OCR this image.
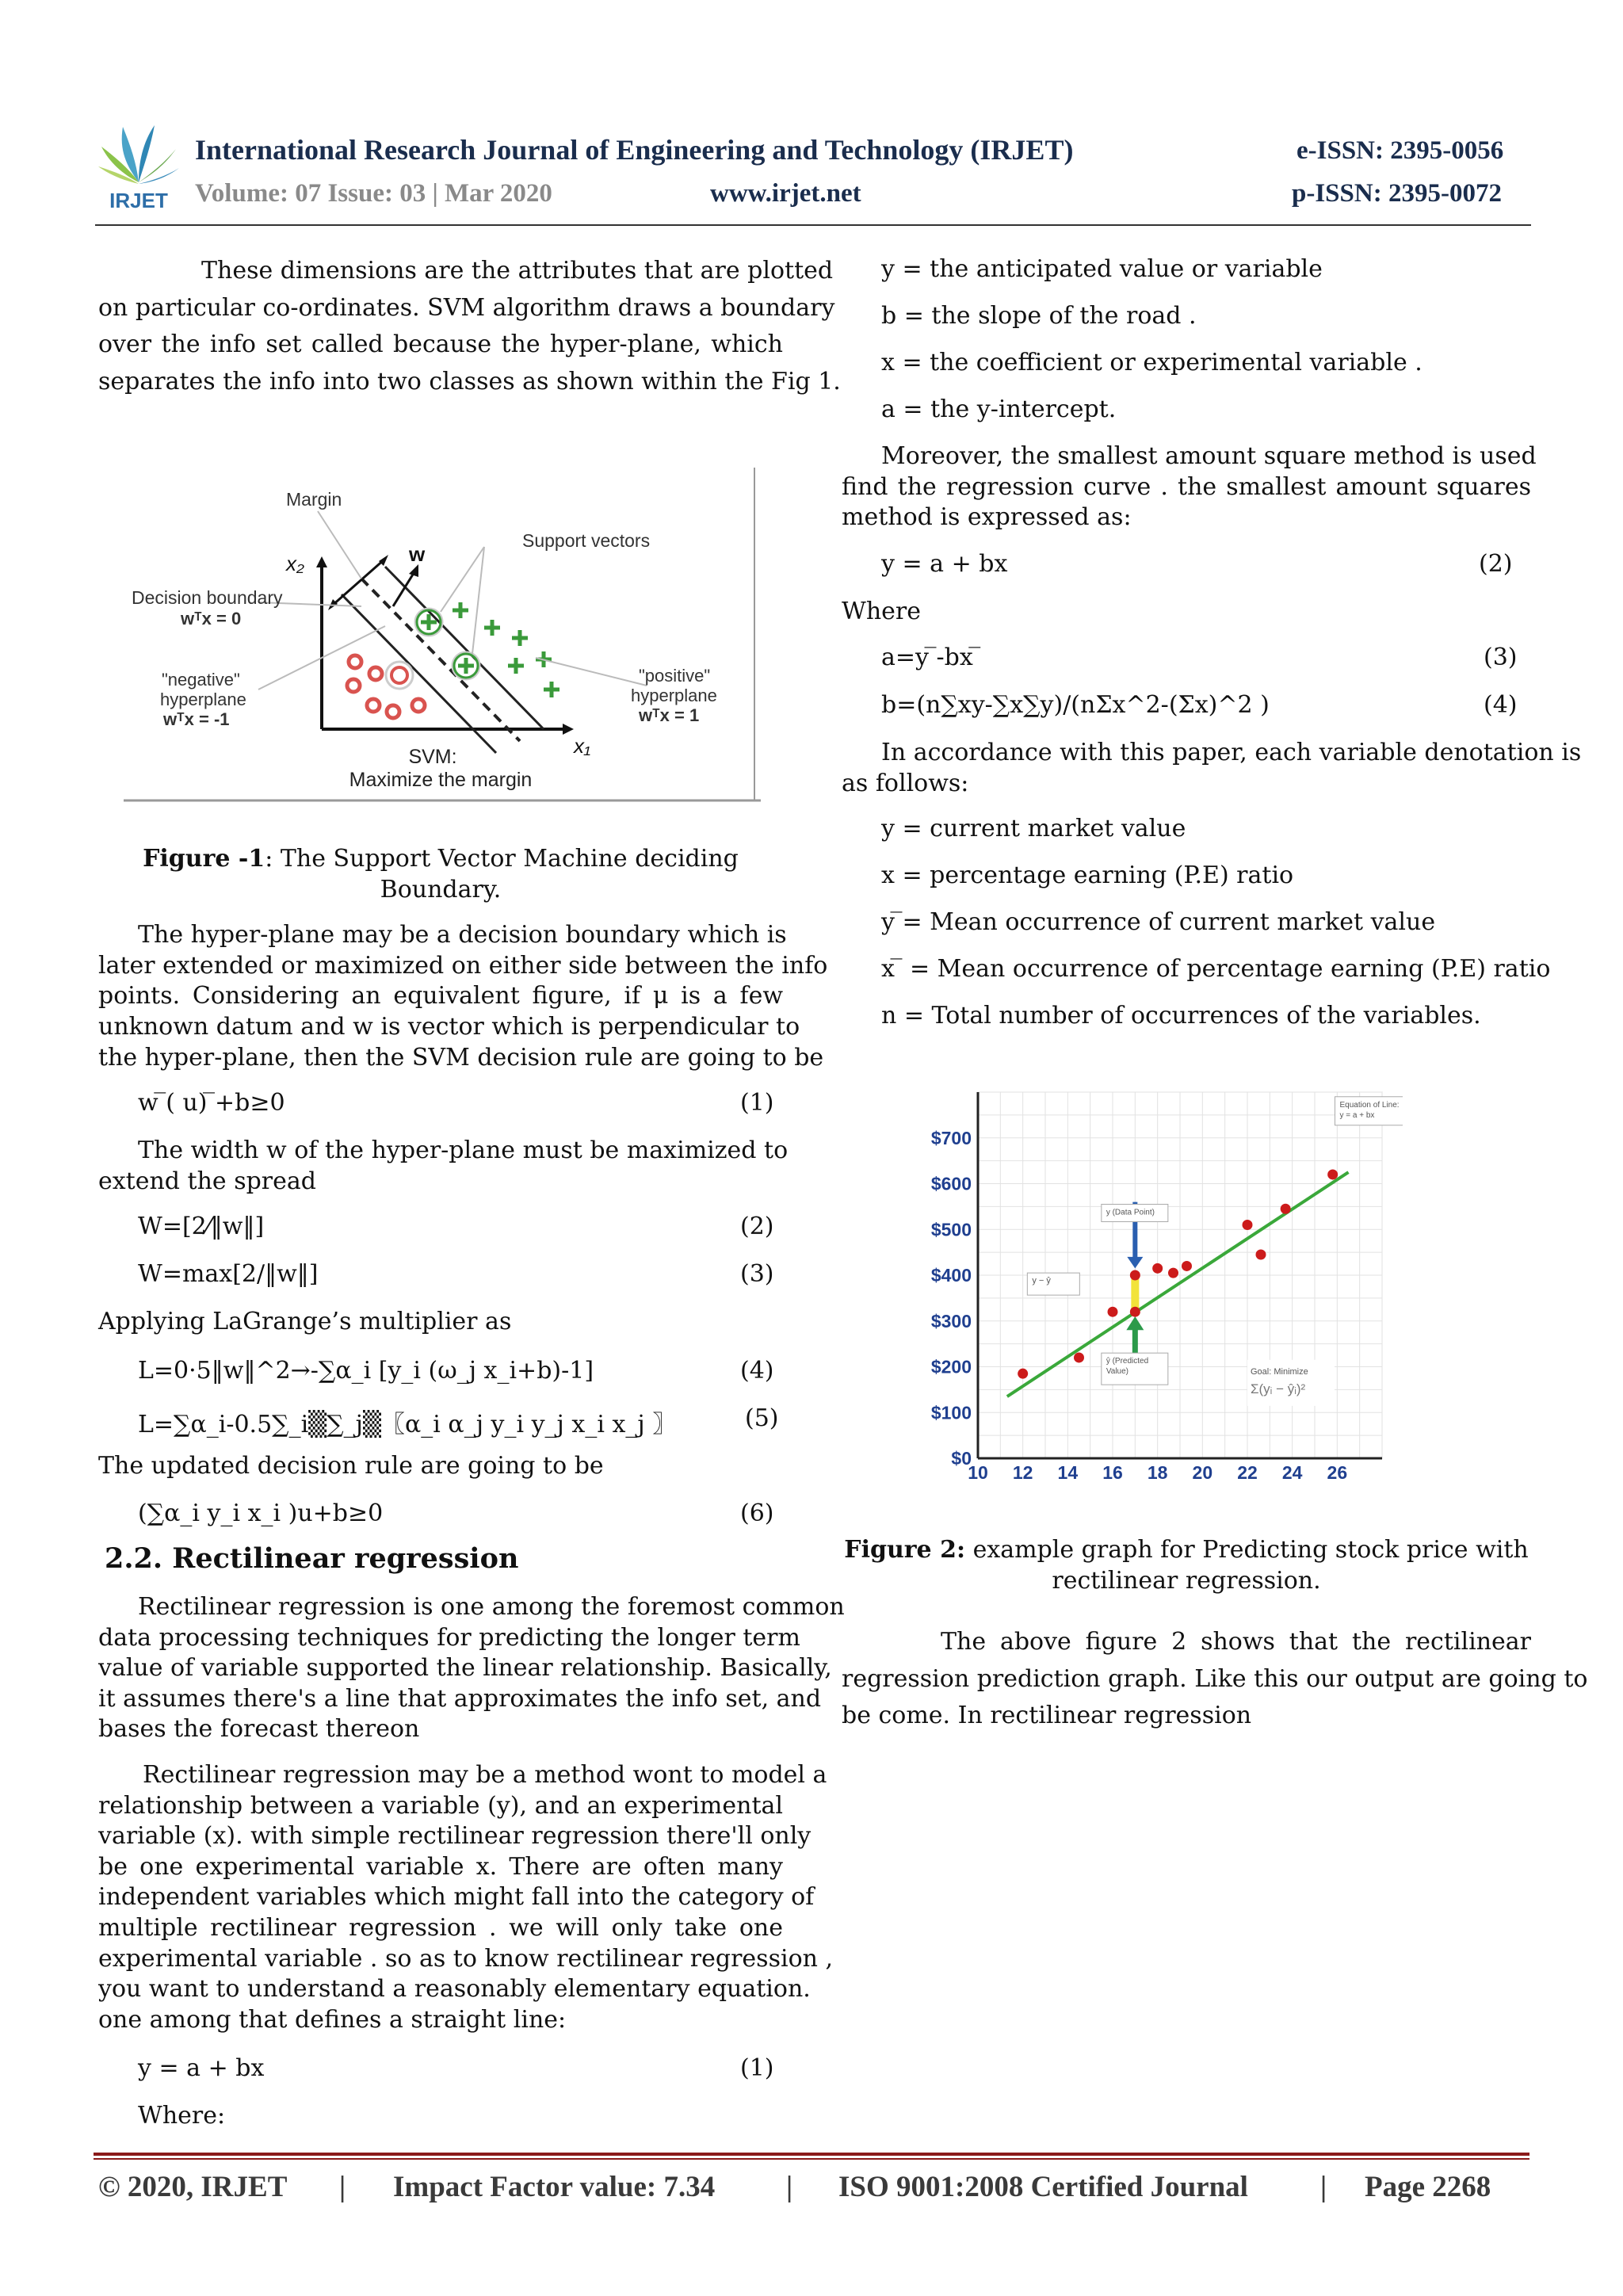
IRJET
International Research Journal of Engineering and Technology (IRJET)	e-ISSN: 2395-0056
Volume: 07 Issue: 03 | Mar 2020	www.irjet.net	p-ISSN: 2395-0072
These dimensions are the attributes that are plotted
on particular co-ordinates. SVM algorithm draws a boundary
over the info set called because the hyper-plane, which
separates the info into two classes as shown within the Fig 1.
Margin
Support vectors
Decision boundary
wᵀx = 0
"negative"
hyperplane
wᵀx = -1
"positive"
hyperplane
wᵀx = 1
x₂
x₁
w
SVM:
Maximize the margin
Figure -1: The Support Vector Machine deciding
Boundary.
The hyper-plane may be a decision boundary which is
later extended or maximized on either side between the info
points. Considering an equivalent figure, if μ is a few
unknown datum and w is vector which is perpendicular to
the hyper-plane, then the SVM decision rule are going to be
w ̅( u) ̅+b≥0	(1)
The width w of the hyper-plane must be maximized to
extend the spread
W=[2⁄‖w‖]	(2)
W=max⁡[2/‖w‖]	(3)
Applying LaGrange’s multiplier as
L=0·5‖w‖^2→-∑α_i [y_i (ω_j x_i+b)-1]	(4)
L=∑α_i-0.5∑_i▒∑_j▒〖α_i α_j y_i y_j x_i x_j 〗	(5)
The updated decision rule are going to be
(∑α_i y_i x_i )u+b≥0	(6)
2.2. Rectilinear regression
Rectilinear regression is one among the foremost common
data processing techniques for predicting the longer term
value of variable supported the linear relationship. Basically,
it assumes there's a line that approximates the info set, and
bases the forecast thereon
Rectilinear regression may be a method wont to model a
relationship between a variable (y), and an experimental
variable (x). with simple rectilinear regression there'll only
be one experimental variable x. There are often many
independent variables which might fall into the category of
multiple rectilinear regression . we will only take one
experimental variable . so as to know rectilinear regression ,
you want to understand a reasonably elementary equation.
one among that defines a straight line:
y = a + bx	(1)
Where:
y = the anticipated value or variable
b = the slope of the road .
x = the coefficient or experimental variable .
a = the y-intercept.
Moreover, the smallest amount square method is used
find the regression curve . the smallest amount squares
method is expressed as:
y = a + bx	(2)
Where
a=y ̅-bx ̅	(3)
b=(n∑xy-∑x∑y)/(nΣx^2-(Σx)^2 )	(4)
In accordance with this paper, each variable denotation is
as follows:
y = current market value
x = percentage earning (P.E) ratio
y ̅= Mean occurrence of current market value
x ̅ = Mean occurrence of percentage earning (P.E) ratio
n = Total number of occurrences of the variables.
$0
$100
$200
$300
$400
$500
$600
$700
10 12 14 16 18 20 22 24 26
Equation of Line:
y = a + bx
y (Data Point)
y − ŷ
ŷ (Predicted
Value)	Goal: Minimize
Σ(yᵢ − ŷᵢ)²
Figure 2: example graph for Predicting stock price with
rectilinear regression.
The above figure 2 shows that the rectilinear
regression prediction graph. Like this our output are going to
be come. In rectilinear regression
© 2020, IRJET | Impact Factor value: 7.34 | ISO 9001:2008 Certified Journal | Page 2268
